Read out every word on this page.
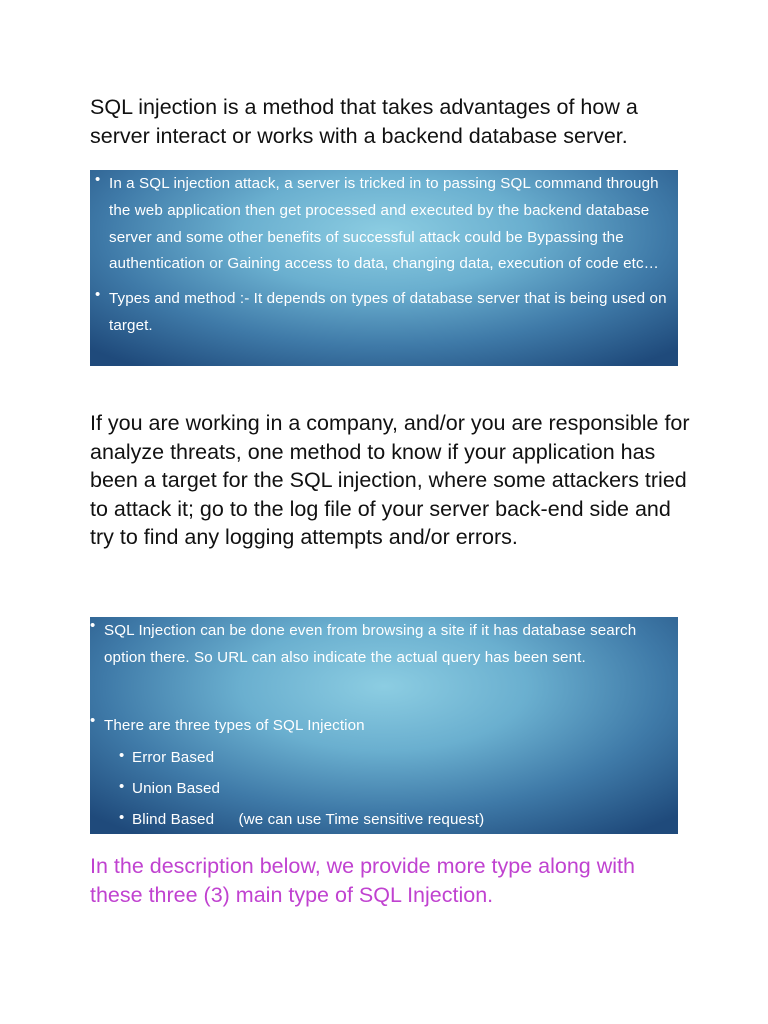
SQL injection is a method that takes advantages of how a server interact or works with a backend database server.

• In a SQL injection attack, a server is tricked in to passing SQL command through the web application then get processed and executed by the backend database server and some other benefits of successful attack could be Bypassing the authentication or Gaining access to data, changing data, execution of code etc…
• Types and method :- It depends on types of database server that is being used on target.

If you are working in a company, and/or you are responsible for analyze threats, one method to know if your application has been a target for the SQL injection, where some attackers tried to attack it; go to the log file of your server back-end side and try to find any logging attempts and/or errors.

• SQL Injection can be done even from browsing a site if it has database search option there. So URL can also indicate the actual query has been sent.
• There are three types of SQL Injection
• Error Based
• Union Based
• Blind Based (we can use Time sensitive request)

In the description below, we provide more type along with these three (3) main type of SQL Injection.
